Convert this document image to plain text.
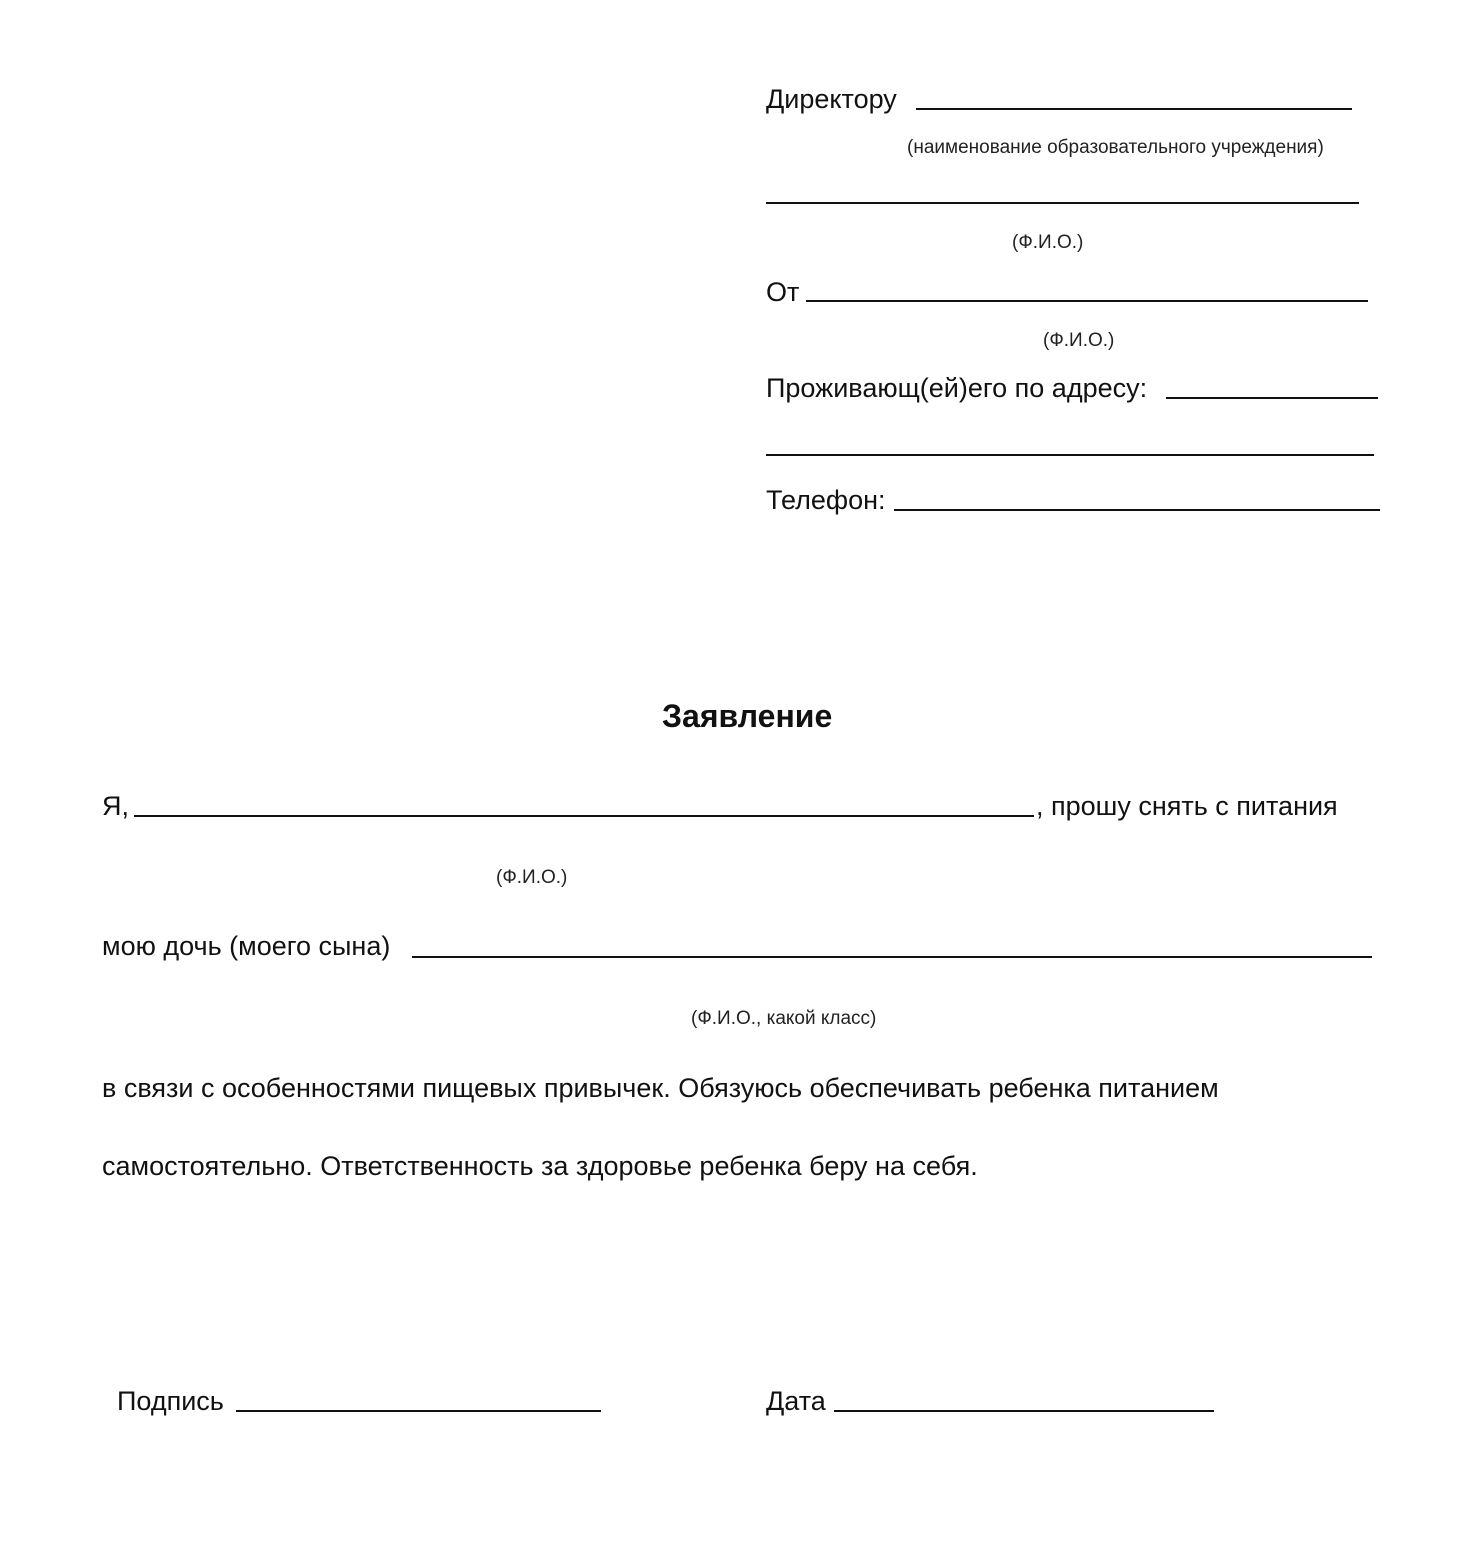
Директору
(наименование образовательного учреждения)
(Ф.И.О.)
От
(Ф.И.О.)
Проживающ(ей)его по адресу:
Телефон:
Заявление
Я,	, прошу снять с питания
(Ф.И.О.)
мою дочь (моего сына)
(Ф.И.О., какой класс)
в связи с особенностями пищевых привычек. Обязуюсь обеспечивать ребенка питанием
самостоятельно. Ответственность за здоровье ребенка беру на себя.
Подпись	Дата
